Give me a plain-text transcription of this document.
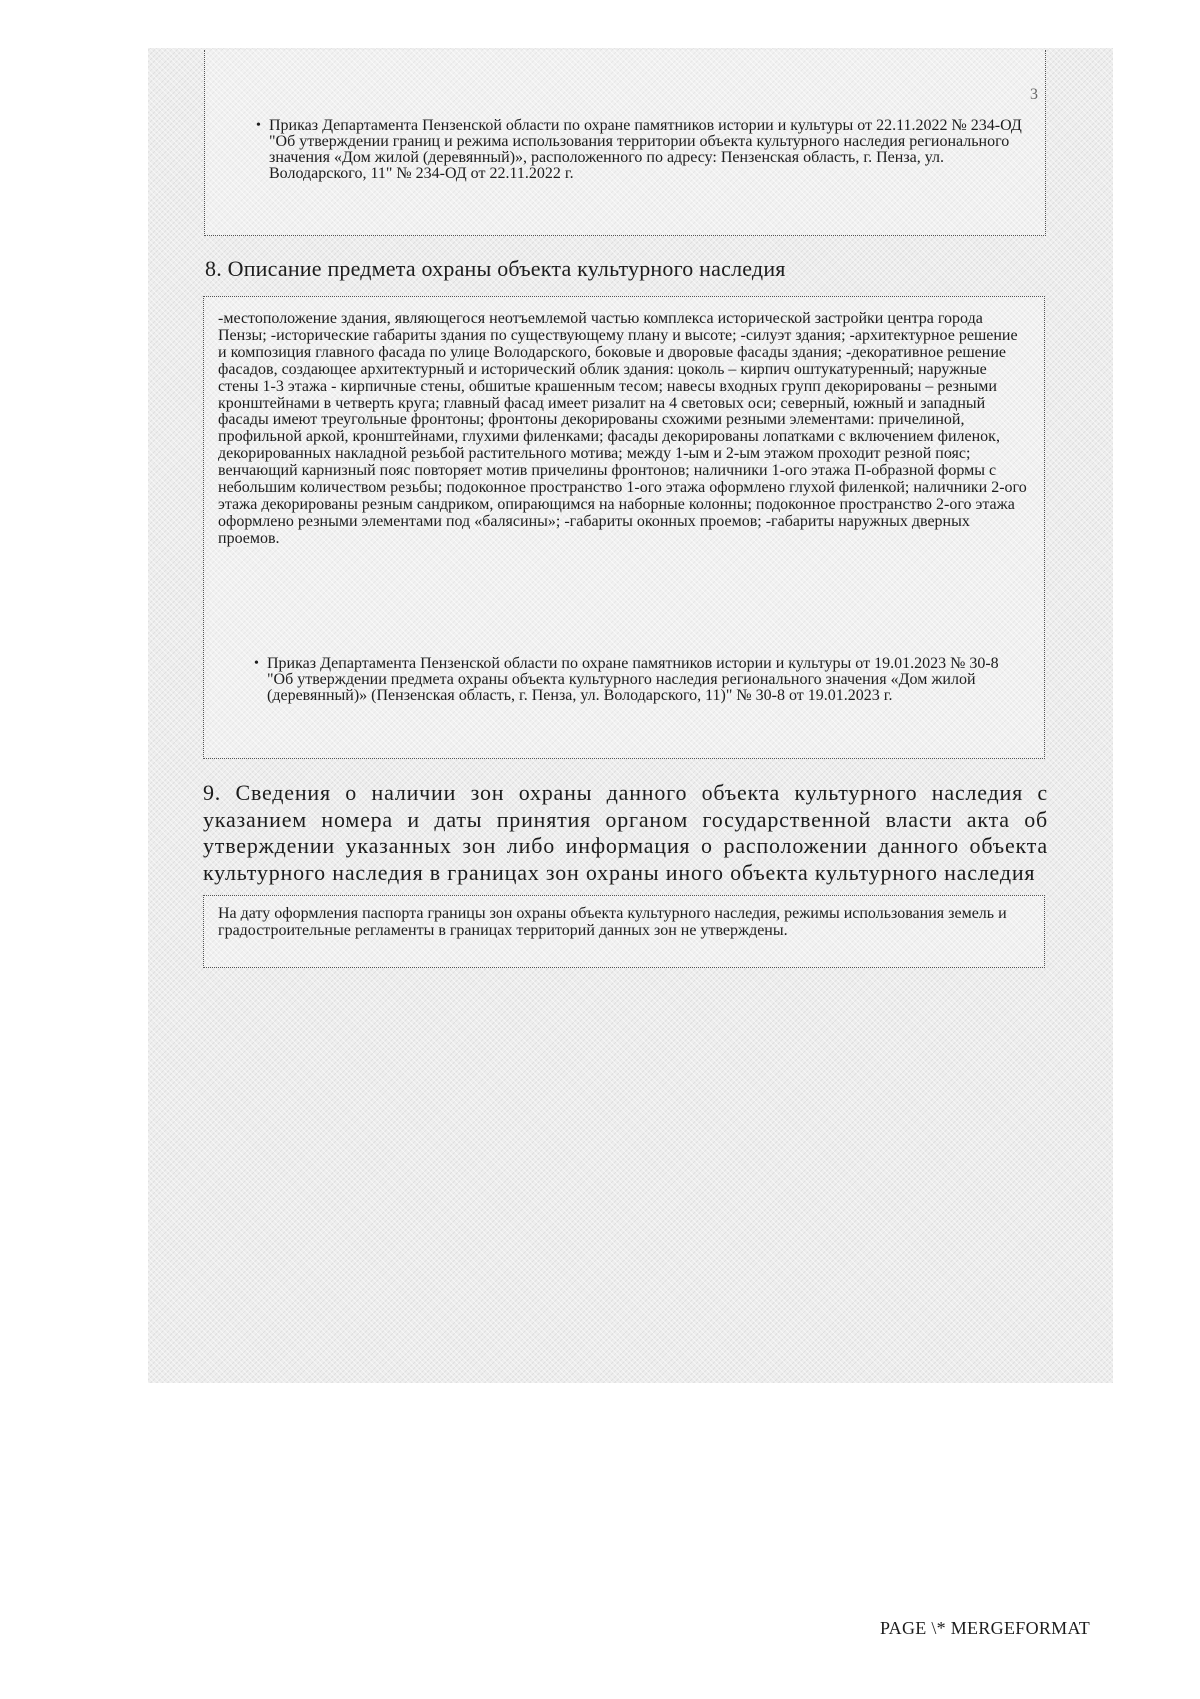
3
• Приказ Департамента Пензенской области по охране памятников истории и культуры от 22.11.2022 № 234-ОД "Об утверждении границ и режима использования территории объекта культурного наследия регионального значения «Дом жилой (деревянный)», расположенного по адресу: Пензенская область, г. Пенза, ул. Володарского, 11" № 234-ОД от 22.11.2022 г.
8. Описание предмета охраны объекта культурного наследия
-местоположение здания, являющегося неотъемлемой частью комплекса исторической застройки центра города Пензы; -исторические габариты здания по существующему плану и высоте; -силуэт здания; -архитектурное решение и композиция главного фасада по улице Володарского, боковые и дворовые фасады здания; -декоративное решение фасадов, создающее архитектурный и исторический облик здания: цоколь – кирпич оштукатуренный; наружные стены 1-3 этажа - кирпичные стены, обшитые крашенным тесом; навесы входных групп декорированы – резными кронштейнами в четверть круга; главный фасад имеет ризалит на 4 световых оси; северный, южный и западный фасады имеют треугольные фронтоны; фронтоны декорированы схожими резными элементами: причелиной, профильной аркой, кронштейнами, глухими филенками; фасады декорированы лопатками с включением филенок, декорированных накладной резьбой растительного мотива; между 1-ым и 2-ым этажом проходит резной пояс; венчающий карнизный пояс повторяет мотив причелины фронтонов; наличники 1-ого этажа П-образной формы с небольшим количеством резьбы; подоконное пространство 1-ого этажа оформлено глухой филенкой; наличники 2-ого этажа декорированы резным сандриком, опирающимся на наборные колонны; подоконное пространство 2-ого этажа оформлено резными элементами под «балясины»; -габариты оконных проемов; -габариты наружных дверных проемов.
• Приказ Департамента Пензенской области по охране памятников истории и культуры от 19.01.2023 № 30-8 "Об утверждении предмета охраны объекта культурного наследия регионального значения «Дом жилой (деревянный)» (Пензенская область, г. Пенза, ул. Володарского, 11)" № 30-8 от 19.01.2023 г.
9. Сведения о наличии зон охраны данного объекта культурного наследия с указанием номера и даты принятия органом государственной власти акта об утверждении указанных зон либо информация о расположении данного объекта культурного наследия в границах зон охраны иного объекта культурного наследия
На дату оформления паспорта границы зон охраны объекта культурного наследия, режимы использования земель и градостроительные регламенты в границах территорий данных зон не утверждены.
PAGE \* MERGEFORMAT
